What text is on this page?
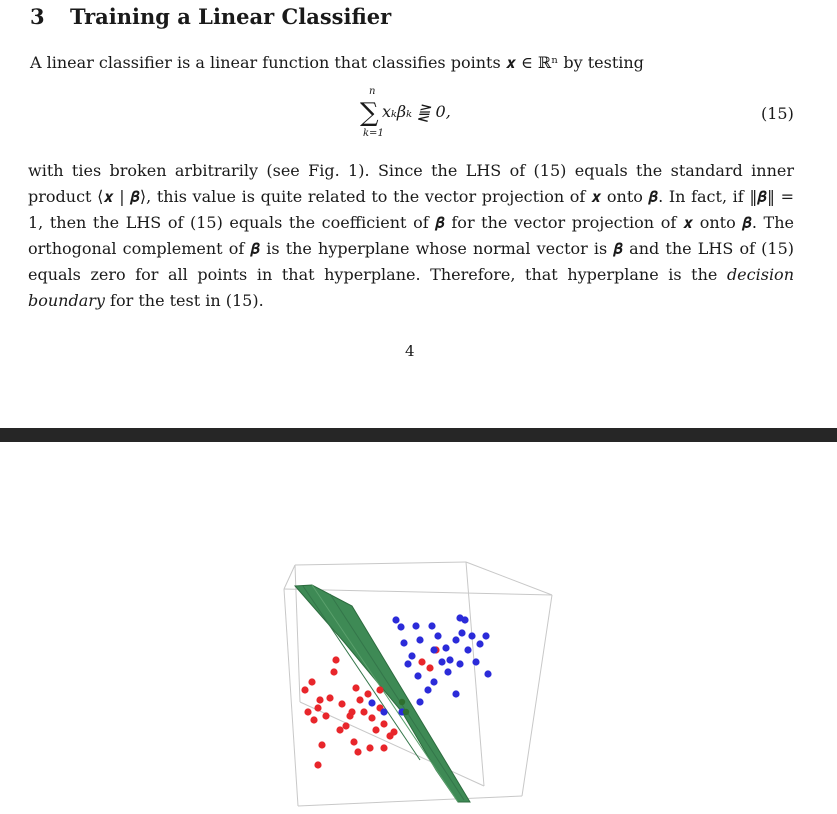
3 Training a Linear Classifier

A linear classifier is a linear function that classifies points 𝒙 ∈ ℝⁿ by testing

n
∑
k=1
xₖβₖ ⪌ 0,	(15)

with ties broken arbitrarily (see Fig. 1). Since the LHS of (15) equals the standard inner product ⟨𝒙 | 𝜷⟩, this value is quite related to the vector projection of 𝒙 onto 𝜷. In fact, if ‖𝜷‖ = 1, then the LHS of (15) equals the coefficient of 𝜷 for the vector projection of 𝒙 onto 𝜷. The orthogonal complement of 𝜷 is the hyperplane whose normal vector is 𝜷 and the LHS of (15) equals zero for all points in that hyperplane. Therefore, that hyperplane is the decision boundary for the test in (15).

4
